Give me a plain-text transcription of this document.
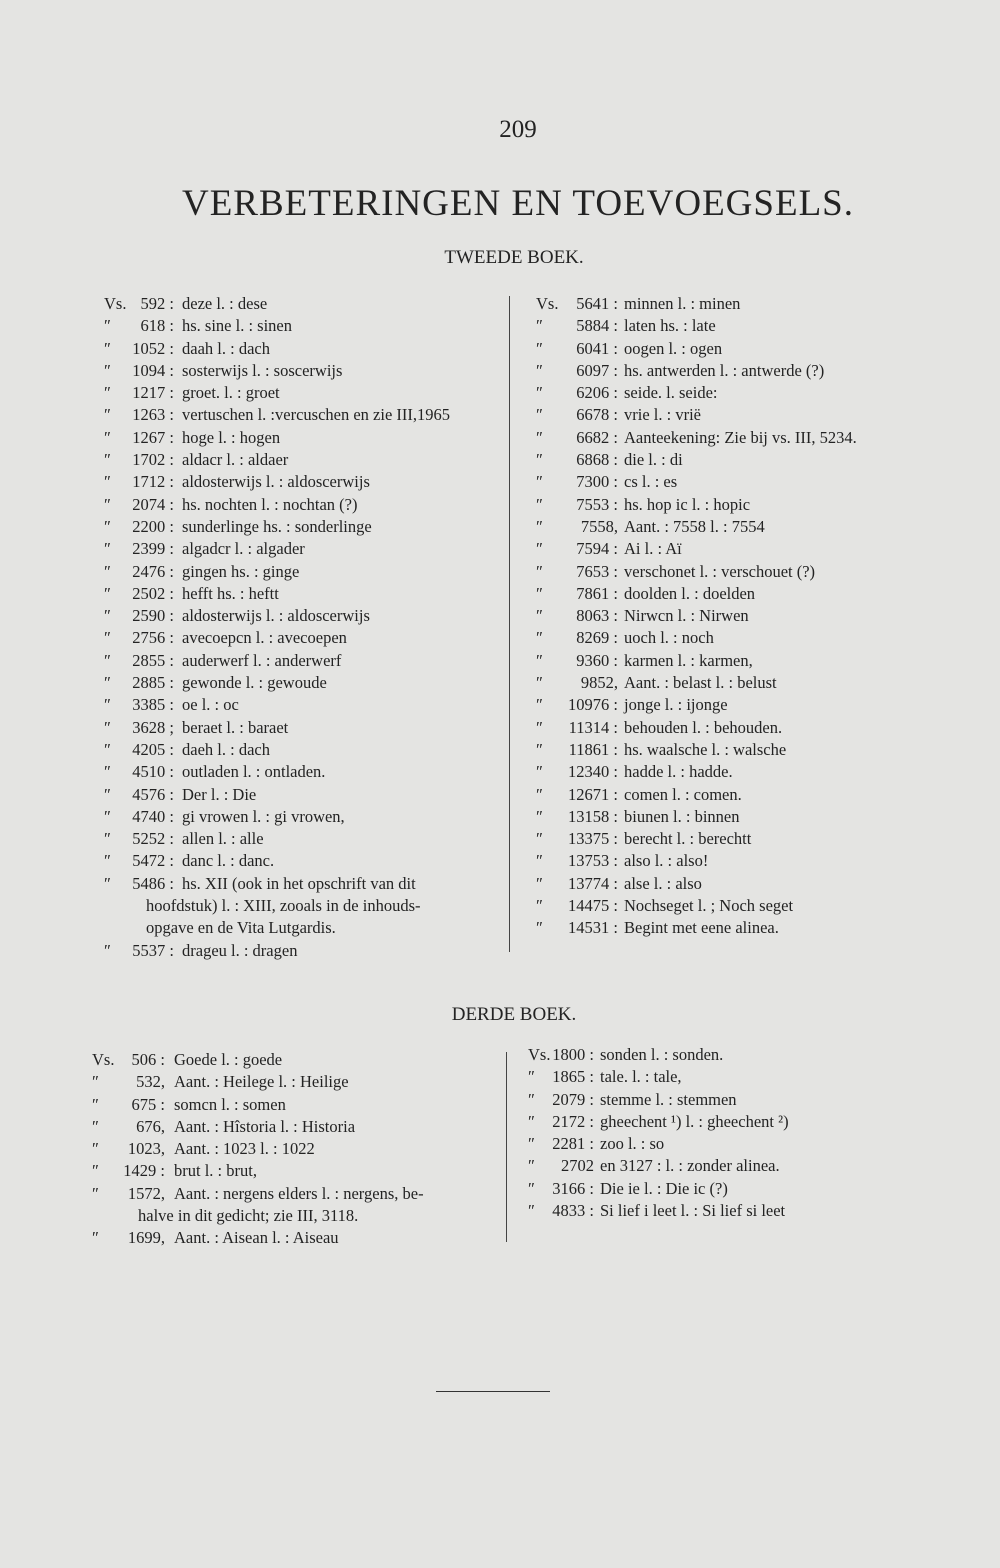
209
VERBETERINGEN EN TOEVOEGSELS.
TWEEDE BOEK.
Vs. 592 : deze l. : dese
″	618 : hs. sine l. : sinen
″	1052 : daah l. : dach
″	1094 : sosterwijs l. : soscerwijs
″	1217 : groet. l. : groet
″	1263 : vertuschen l. :vercuschen en zie III,1965
″	1267 : hoge l. : hogen
″	1702 : aldacr l. : aldaer
″	1712 : aldosterwijs l. : aldoscerwijs
″	2074 : hs. nochten l. : nochtan (?)
″	2200 : sunderlinge hs. : sonderlinge
″	2399 : algadcr l. : algader
″	2476 : gingen hs. : ginge
″	2502 : hefft hs. : heftt
″	2590 : aldosterwijs l. : aldoscerwijs
″	2756 : avecoepcn l. : avecoepen
″	2855 : auderwerf l. : anderwerf
″	2885 : gewonde l. : gewoude
″	3385 : oe l. : oc
″	3628 ; beraet l. : baraet
″	4205 : daeh l. : dach
″	4510 : outladen l. : ontladen.
″	4576 : Der l. : Die
″	4740 : gi vrowen l. : gi vrowen,
″	5252 : allen l. : alle
″	5472 : danc l. : danc.
″	5486 : hs. XII (ook in het opschrift van dit
hoofdstuk) l. : XIII, zooals in de inhouds-
opgave en de Vita Lutgardis.
″	5537 : drageu l. : dragen
Vs.	5641 : minnen l. : minen
″	5884 : laten hs. : late
″	6041 : oogen l. : ogen
″	6097 : hs. antwerden l. : antwerde (?)
″	6206 : seide. l. seide:
″	6678 : vrie l. : vrië
″	6682 : Aanteekening: Zie bij vs. III, 5234.
″	6868 : die l. : di
″	7300 : cs l. : es
″	7553 : hs. hop ic l. : hopic
″	7558, Aant. : 7558 l. : 7554
″	7594 : Ai l. : Aï
″	7653 : verschonet l. : verschouet (?)
″	7861 : doolden l. : doelden
″	8063 : Nirwcn l. : Nirwen
″	8269 : uoch l. : noch
″	9360 : karmen l. : karmen,
″	9852, Aant. : belast l. : belust
″	10976 : jonge l. : ijonge
″	11314 : behouden l. : behouden.
″	11861 : hs. waalsche l. : walsche
″	12340 : hadde l. : hadde.
″	12671 : comen l. : comen.
″	13158 : biunen l. : binnen
″	13375 : berecht l. : berechtt
″	13753 : also l. : also!
″	13774 : alse l. : also
″	14475 : Nochseget l. ; Noch seget
″	14531 : Begint met eene alinea.
DERDE BOEK.
Vs.	506 : Goede l. : goede
″	532, Aant. : Heilege l. : Heilige
″	675 : somcn l. : somen
″	676, Aant. : Hîstoria l. : Historia
″	1023, Aant. : 1023 l. : 1022
″	1429 : brut l. : brut,
″	1572, Aant. : nergens elders l. : nergens, be-
halve in dit gedicht; zie III, 3118.
″	1699, Aant. : Aisean l. : Aiseau
Vs. 1800 : sonden l. : sonden.
″	1865 : tale. l. : tale,
″	2079 : stemme l. : stemmen
″	2172 : gheechent ¹) l. : gheechent ²)
″	2281 : zoo l. : so
″	2702 en 3127 : l. : zonder alinea.
″	3166 : Die ie l. : Die ic (?)
″	4833 : Si lief i leet l. : Si lief si leet
